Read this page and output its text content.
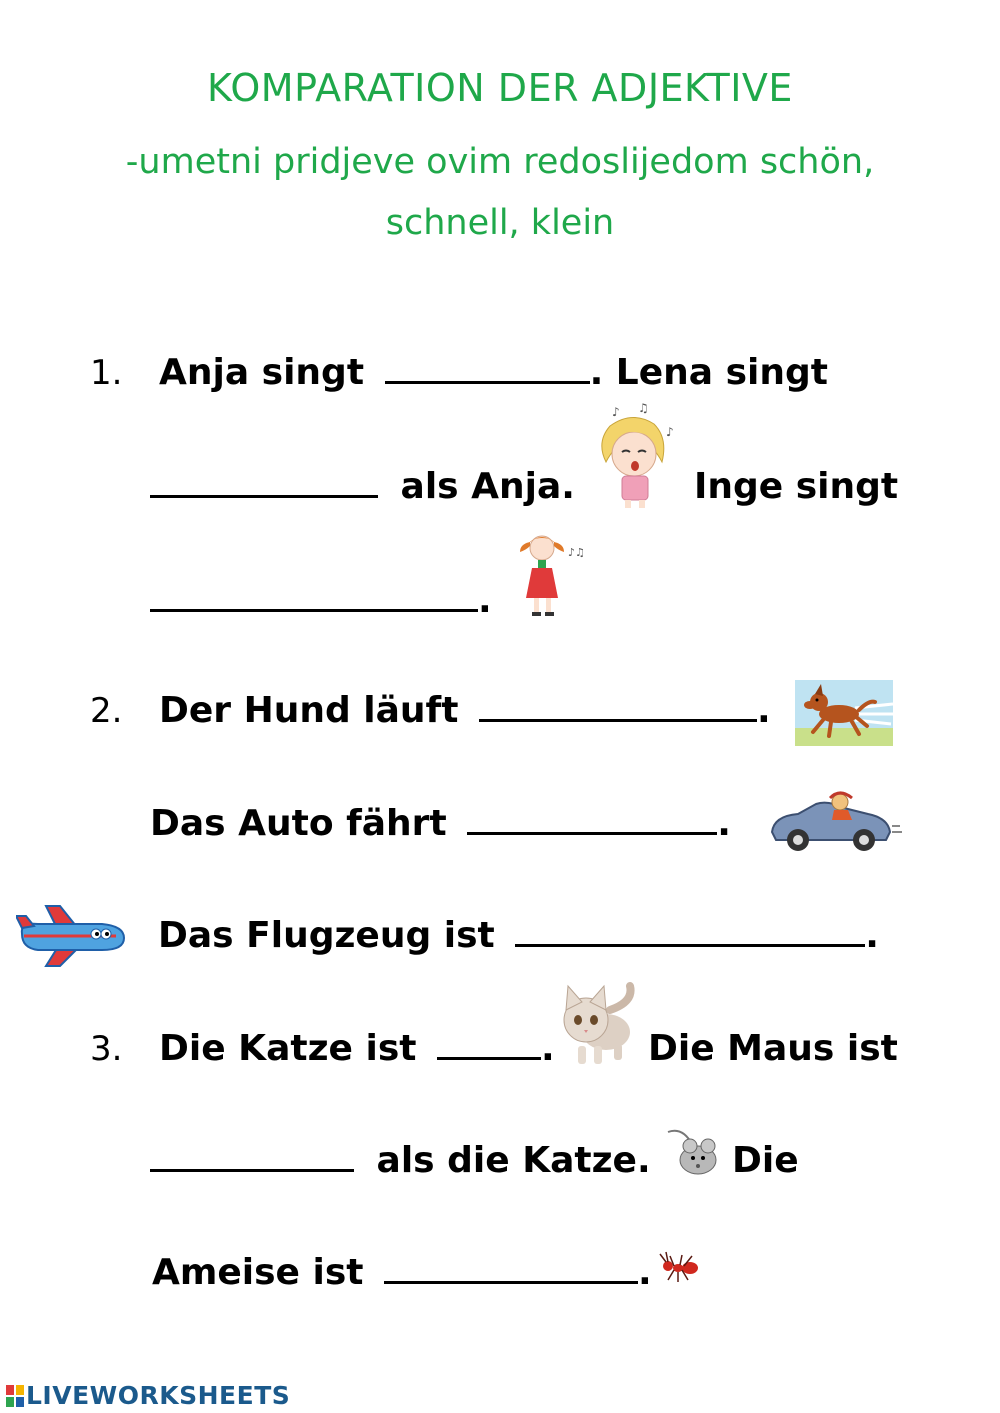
KOMPARATION DER ADJEKTIVE
-umetni pridjeve ovim redoslijedom schön,
schnell, klein
1. Anja singt	. Lena singt
als Anja.	Inge singt
.
♪ ♫
♪
♪♫
2. Der Hund läuft	.
Das Auto fährt	.
Das Flugzeug ist	.
3. Die Katze ist	.	Die Maus ist
als die Katze. Die
Ameise ist	.
LIVEWORKSHEETS
